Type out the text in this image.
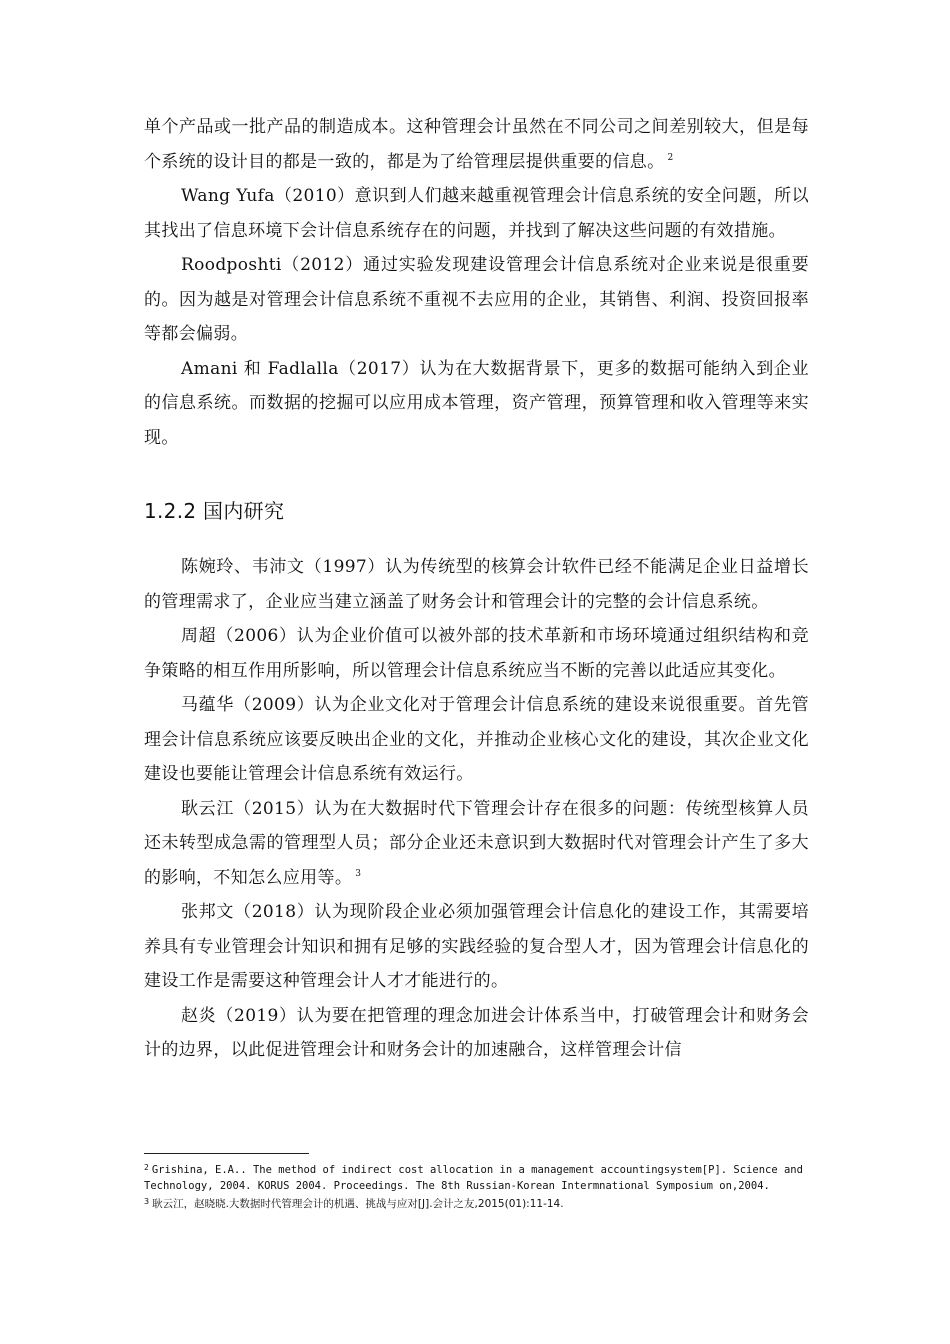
单个产品或一批产品的制造成本。这种管理会计虽然在不同公司之间差别较大，但是每个系统的设计目的都是一致的，都是为了给管理层提供重要的信息。 $^2$

Wang Yufa（2010）意识到人们越来越重视管理会计信息系统的安全问题，所以其找出了信息环境下会计信息系统存在的问题，并找到了解决这些问题的有效措施。

Roodposhti（2012）通过实验发现建设管理会计信息系统对企业来说是很重要的。因为越是对管理会计信息系统不重视不去应用的企业，其销售、利润、投资回报率等都会偏弱。

Amani 和 Fadlalla（2017）认为在大数据背景下，更多的数据可能纳入到企业的信息系统。而数据的挖掘可以应用成本管理，资产管理，预算管理和收入管理等来实现。

1.2.2 国内研究

陈婉玲、韦沛文（1997）认为传统型的核算会计软件已经不能满足企业日益增长的管理需求了，企业应当建立涵盖了财务会计和管理会计的完整的会计信息系统。

周超（2006）认为企业价值可以被外部的技术革新和市场环境通过组织结构和竞争策略的相互作用所影响，所以管理会计信息系统应当不断的完善以此适应其变化。

马蕴华（2009）认为企业文化对于管理会计信息系统的建设来说很重要。首先管理会计信息系统应该要反映出企业的文化，并推动企业核心文化的建设，其次企业文化建设也要能让管理会计信息系统有效运行。

耿云江（2015）认为在大数据时代下管理会计存在很多的问题：传统型核算人员还未转型成急需的管理型人员；部分企业还未意识到大数据时代对管理会计产生了多大的影响，不知怎么应用等。 $^3$

张邦文（2018）认为现阶段企业必须加强管理会计信息化的建设工作，其需要培养具有专业管理会计知识和拥有足够的实践经验的复合型人才，因为管理会计信息化的建设工作是需要这种管理会计人才才能进行的。

赵炎（2019）认为要在把管理的理念加进会计体系当中，打破管理会计和财务会计的边界，以此促进管理会计和财务会计的加速融合，这样管理会计信

$^2$ Grishina, E.A.. The method of indirect cost allocation in a management accountingsystem[P]. Science and Technology, 2004. KORUS 2004. Proceedings. The 8th Russian-Korean Intermnational Symposium on,2004.

$^3$ 耿云江，赵晓晓.大数据时代管理会计的机遇、挑战与应对[J].会计之友,2015(01):11-14.
